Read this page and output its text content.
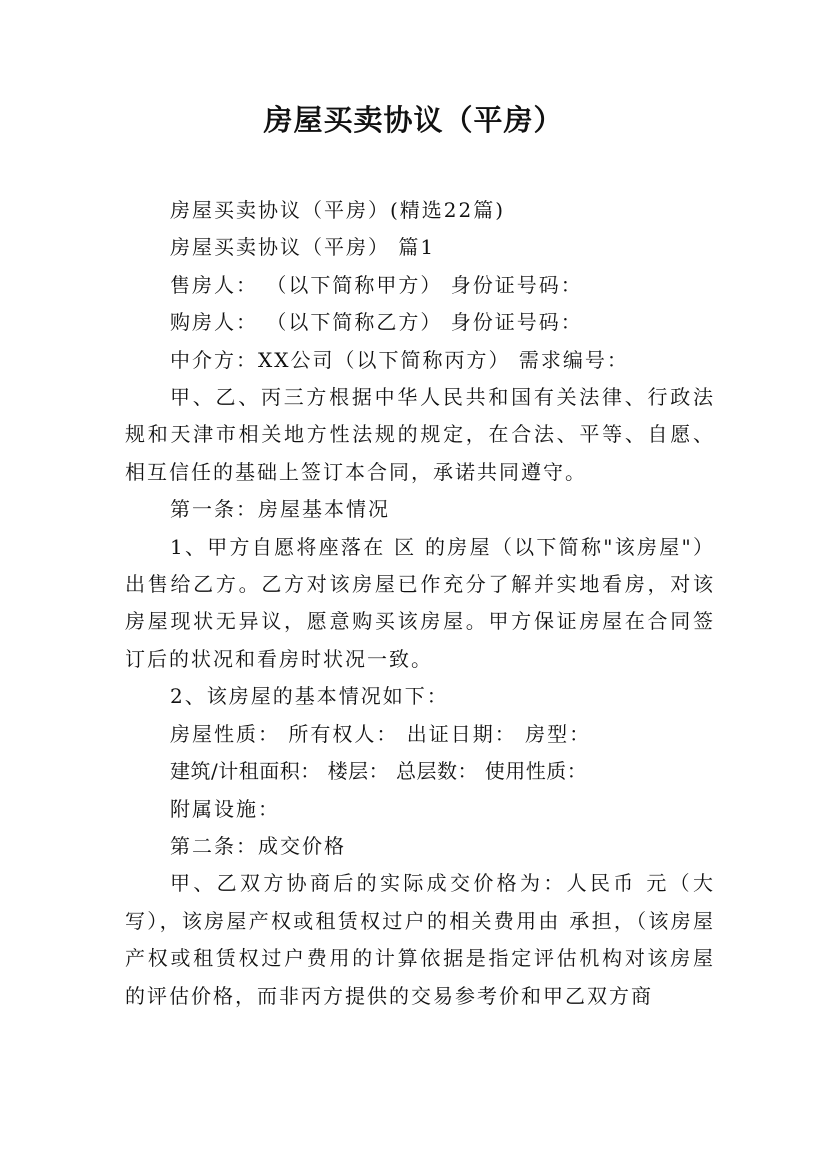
房屋买卖协议（平房）

房屋买卖协议（平房）(精选22篇)

房屋买卖协议（平房） 篇1

售房人： （以下简称甲方） 身份证号码：

购房人： （以下简称乙方） 身份证号码：

中介方：XX公司（以下简称丙方） 需求编号：

甲、乙、丙三方根据中华人民共和国有关法律、行政法规和天津市相关地方性法规的规定，在合法、平等、自愿、相互信任的基础上签订本合同，承诺共同遵守。

第一条：房屋基本情况

1、甲方自愿将座落在 区 的房屋（以下简称"该房屋"）出售给乙方。乙方对该房屋已作充分了解并实地看房，对该房屋现状无异议，愿意购买该房屋。甲方保证房屋在合同签订后的状况和看房时状况一致。

2、该房屋的基本情况如下：

房屋性质： 所有权人： 出证日期： 房型：

建筑/计租面积： 楼层： 总层数： 使用性质：

附属设施：

第二条：成交价格

甲、乙双方协商后的实际成交价格为：人民币 元（大写），该房屋产权或租赁权过户的相关费用由 承担，（该房屋产权或租赁权过户费用的计算依据是指定评估机构对该房屋的评估价格，而非丙方提供的交易参考价和甲乙双方商
